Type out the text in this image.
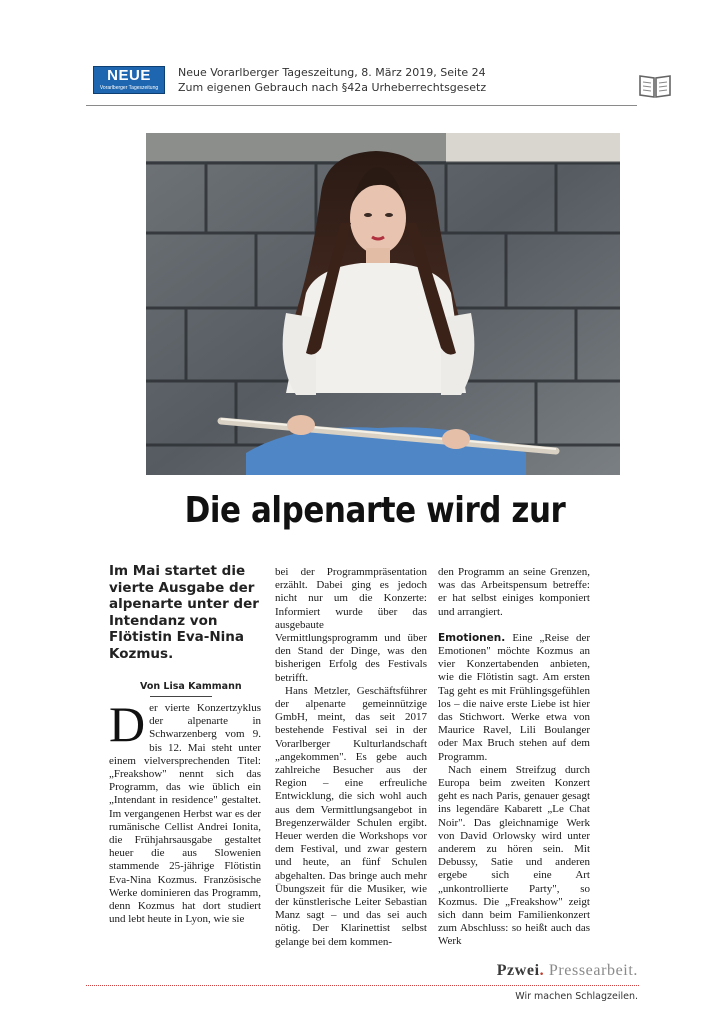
NEUE
Vorarlberger Tageszeitung
Neue Vorarlberger Tageszeitung, 8. März 2019, Seite 24
Zum eigenen Gebrauch nach §42a Urheberrechtsgesetz
Die alpenarte wird zur
Im Mai startet die vierte Ausgabe der alpenarte unter der Intendanz von Flötistin Eva-Nina Kozmus.
Von Lisa Kammann
D er vierte Konzertzyklus der alpenarte in Schwarzenberg vom 9. bis 12. Mai steht unter einem vielversprechenden Titel: „Freakshow" nennt sich das Programm, das wie üblich ein „Intendant in residence" gestaltet. Im vergangenen Herbst war es der rumänische Cellist Andrei Ionita, die Frühjahrsausgabe gestaltet heuer die aus Slowenien stammende 25-jährige Flötistin Eva-Nina Kozmus. Französische Werke dominieren das Programm, denn Kozmus hat dort studiert und lebt heute in Lyon, wie sie

bei der Programmpräsentation erzählt. Dabei ging es jedoch nicht nur um die Konzerte: Informiert wurde über das ausgebaute Vermittlungsprogramm und über den Stand der Dinge, was den bisherigen Erfolg des Festivals betrifft.

Hans Metzler, Geschäftsführer der alpenarte gemeinnützige GmbH, meint, das seit 2017 bestehende Festival sei in der Vorarlberger Kulturlandschaft „angekommen". Es gebe auch zahlreiche Besucher aus der Region – eine erfreuliche Entwicklung, die sich wohl auch aus dem Vermittlungsangebot in Bregenzerwälder Schulen ergibt. Heuer werden die Workshops vor dem Festival, und zwar gestern und heute, an fünf Schulen abgehalten. Das bringe auch mehr Übungszeit für die Musiker, wie der künstlerische Leiter Sebastian Manz sagt – und das sei auch nötig. Der Klarinettist selbst gelange bei dem kommen-

den Programm an seine Grenzen, was das Arbeitspensum betreffe: er hat selbst einiges komponiert und arrangiert.

Emotionen. Eine „Reise der Emotionen" möchte Kozmus an vier Konzertabenden anbieten, wie die Flötistin sagt. Am ersten Tag geht es mit Frühlingsgefühlen los – die naive erste Liebe ist hier das Stichwort. Werke etwa von Maurice Ravel, Lili Boulanger oder Max Bruch stehen auf dem Programm.

Nach einem Streifzug durch Europa beim zweiten Konzert geht es nach Paris, genauer gesagt ins legendäre Kabarett „Le Chat Noir". Das gleichnamige Werk von David Orlowsky wird unter anderem zu hören sein. Mit Debussy, Satie und anderen ergebe sich eine Art „unkontrollierte Party", so Kozmus. Die „Freakshow" zeigt sich dann beim Familienkonzert zum Abschluss: so heißt auch das Werk

Pzwei. Pressearbeit.
Wir machen Schlagzeilen.
